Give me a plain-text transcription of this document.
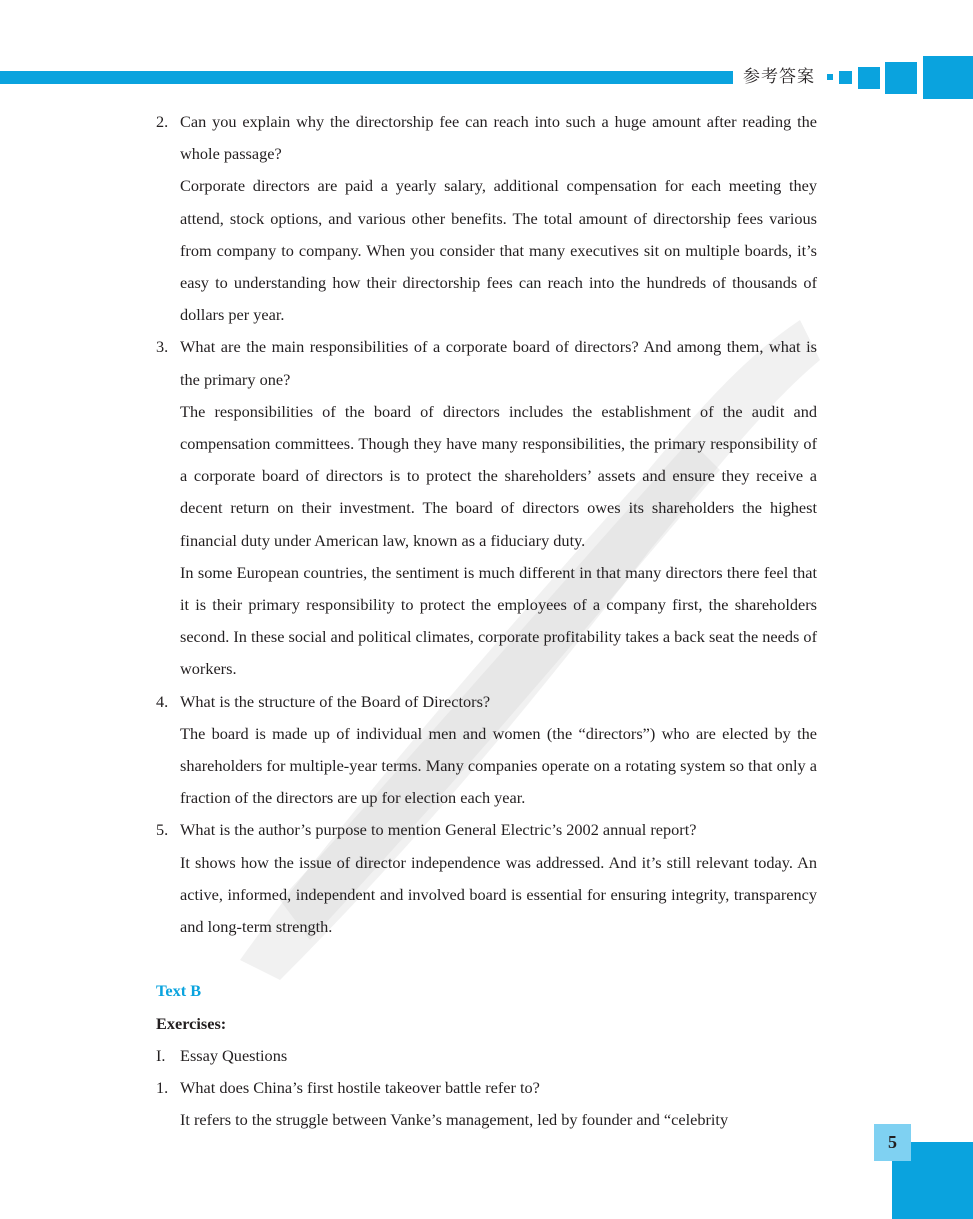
参考答案

2. Can you explain why the directorship fee can reach into such a huge amount after reading the whole passage?

Corporate directors are paid a yearly salary, additional compensation for each meeting they attend, stock options, and various other benefits. The total amount of directorship fees various from company to company. When you consider that many executives sit on multiple boards, it’s easy to understanding how their directorship fees can reach into the hundreds of thousands of dollars per year.

3. What are the main responsibilities of a corporate board of directors? And among them, what is the primary one?

The responsibilities of the board of directors includes the establishment of the audit and compensation committees. Though they have many responsibilities, the primary responsibility of a corporate board of directors is to protect the shareholders’ assets and ensure they receive a decent return on their investment. The board of directors owes its shareholders the highest financial duty under American law, known as a fiduciary duty.

In some European countries, the sentiment is much different in that many directors there feel that it is their primary responsibility to protect the employees of a company first, the shareholders second. In these social and political climates, corporate profitability takes a back seat the needs of workers.

4. What is the structure of the Board of Directors?

The board is made up of individual men and women (the “directors”) who are elected by the shareholders for multiple-year terms. Many companies operate on a rotating system so that only a fraction of the directors are up for election each year.

5. What is the author’s purpose to mention General Electric’s 2002 annual report?

It shows how the issue of director independence was addressed. And it’s still relevant today. An active, informed, independent and involved board is essential for ensuring integrity, transparency and long-term strength.

Text B

Exercises:

I. Essay Questions

1. What does China’s first hostile takeover battle refer to?

It refers to the struggle between Vanke’s management, led by founder and “celebrity

5
